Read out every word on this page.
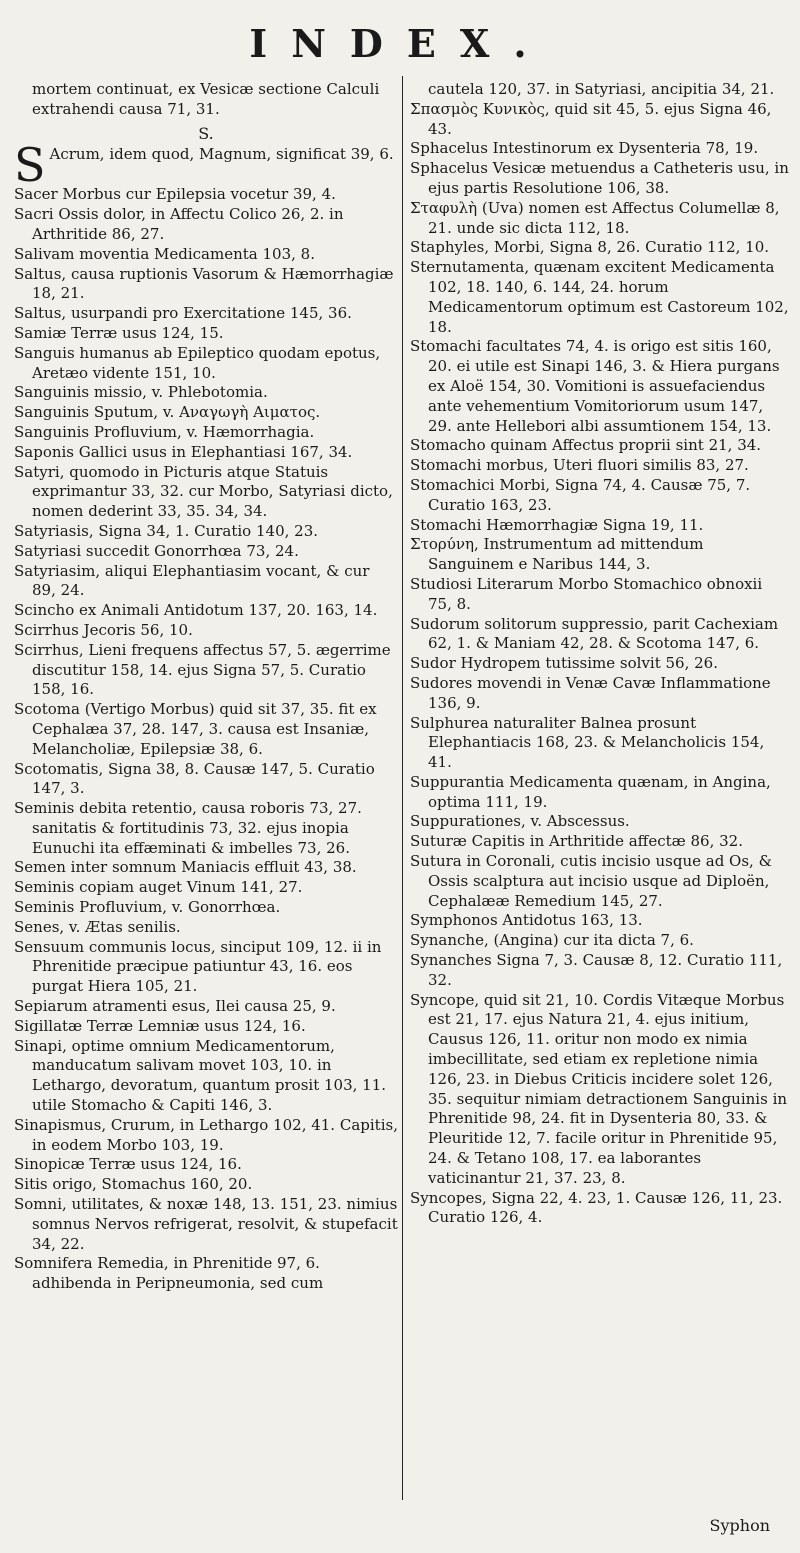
INDEX.

mortem continuat, ex Vesicæ sectione Calculi extrahendi causa 71, 31.

S.

S Acrum, idem quod, Magnum, significat 39, 6.

Sacer Morbus cur Epilepsia vocetur 39, 4.

Sacri Ossis dolor, in Affectu Colico 26, 2. in Arthritide 86, 27.

Salivam moventia Medicamenta 103, 8.

Saltus, causa ruptionis Vasorum & Hæmorrhagiæ 18, 21.

Saltus, usurpandi pro Exercitatione 145, 36.

Samiæ Terræ usus 124, 15.

Sanguis humanus ab Epileptico quodam epotus, Aretæo vidente 151, 10.

Sanguinis missio, v. Phlebotomia.

Sanguinis Sputum, v. Αναγωγὴ Αιματος.

Sanguinis Profluvium, v. Hæmorrhagia.

Saponis Gallici usus in Elephantiasi 167, 34.

Satyri, quomodo in Picturis atque Statuis exprimantur 33, 32. cur Morbo, Satyriasi dicto, nomen dederint 33, 35. 34, 34.

Satyriasis, Signa 34, 1. Curatio 140, 23.

Satyriasi succedit Gonorrhœa 73, 24.

Satyriasim, aliqui Elephantiasim vocant, & cur 89, 24.

Scincho ex Animali Antidotum 137, 20. 163, 14.

Scirrhus Jecoris 56, 10.

Scirrhus, Lieni frequens affectus 57, 5. ægerrime discutitur 158, 14. ejus Signa 57, 5. Curatio 158, 16.

Scotoma (Vertigo Morbus) quid sit 37, 35. fit ex Cephalæa 37, 28. 147, 3. causa est Insaniæ, Melancholiæ, Epilepsiæ 38, 6.

Scotomatis, Signa 38, 8. Causæ 147, 5. Curatio 147, 3.

Seminis debita retentio, causa roboris 73, 27. sanitatis & fortitudinis 73, 32. ejus inopia Eunuchi ita effæminati & imbelles 73, 26.

Semen inter somnum Maniacis effluit 43, 38.

Seminis copiam auget Vinum 141, 27.

Seminis Profluvium, v. Gonorrhœa.

Senes, v. Ætas senilis.

Sensuum communis locus, sinciput 109, 12. ii in Phrenitide præcipue patiuntur 43, 16. eos purgat Hiera 105, 21.

Sepiarum atramenti esus, Ilei causa 25, 9.

Sigillatæ Terræ Lemniæ usus 124, 16.

Sinapi, optime omnium Medicamentorum, manducatum salivam movet 103, 10. in Lethargo, devoratum, quantum prosit 103, 11. utile Stomacho & Capiti 146, 3.

Sinapismus, Crurum, in Lethargo 102, 41. Capitis, in eodem Morbo 103, 19.

Sinopicæ Terræ usus 124, 16.

Sitis origo, Stomachus 160, 20.

Somni, utilitates, & noxæ 148, 13. 151, 23. nimius somnus Nervos refrigerat, resolvit, & stupefacit 34, 22.

Somnifera Remedia, in Phrenitide 97, 6. adhibenda in Peripneumonia, sed cum

cautela 120, 37. in Satyriasi, ancipitia 34, 21.

Σπασμὸς Κυνικὸς, quid sit 45, 5. ejus Signa 46, 43.

Sphacelus Intestinorum ex Dysenteria 78, 19.

Sphacelus Vesicæ metuendus a Catheteris usu, in ejus partis Resolutione 106, 38.

Σταφυλὴ (Uva) nomen est Affectus Columellæ 8, 21. unde sic dicta 112, 18.

Staphyles, Morbi, Signa 8, 26. Curatio 112, 10.

Sternutamenta, quænam excitent Medicamenta 102, 18. 140, 6. 144, 24. horum Medicamentorum optimum est Castoreum 102, 18.

Stomachi facultates 74, 4. is origo est sitis 160, 20. ei utile est Sinapi 146, 3. & Hiera purgans ex Aloë 154, 30. Vomitioni is assuefaciendus ante vehementium Vomitoriorum usum 147, 29. ante Hellebori albi assumtionem 154, 13.

Stomacho quinam Affectus proprii sint 21, 34.

Stomachi morbus, Uteri fluori similis 83, 27.

Stomachici Morbi, Signa 74, 4. Causæ 75, 7. Curatio 163, 23.

Stomachi Hæmorrhagiæ Signa 19, 11.

Στορύνη, Instrumentum ad mittendum Sanguinem e Naribus 144, 3.

Studiosi Literarum Morbo Stomachico obnoxii 75, 8.

Sudorum solitorum suppressio, parit Cachexiam 62, 1. & Maniam 42, 28. & Scotoma 147, 6.

Sudor Hydropem tutissime solvit 56, 26.

Sudores movendi in Venæ Cavæ Inflammatione 136, 9.

Sulphurea naturaliter Balnea prosunt Elephantiacis 168, 23. & Melancholicis 154, 41.

Suppurantia Medicamenta quænam, in Angina, optima 111, 19.

Suppurationes, v. Abscessus.

Suturæ Capitis in Arthritide affectæ 86, 32.

Sutura in Coronali, cutis incisio usque ad Os, & Ossis scalptura aut incisio usque ad Diploën, Cephalææ Remedium 145, 27.

Symphonos Antidotus 163, 13.

Synanche, (Angina) cur ita dicta 7, 6.

Synanches Signa 7, 3. Causæ 8, 12. Curatio 111, 32.

Syncope, quid sit 21, 10. Cordis Vitæque Morbus est 21, 17. ejus Natura 21, 4. ejus initium, Causus 126, 11. oritur non modo ex nimia imbecillitate, sed etiam ex repletione nimia 126, 23. in Diebus Criticis incidere solet 126, 35. sequitur nimiam detractionem Sanguinis in Phrenitide 98, 24. fit in Dysenteria 80, 33. & Pleuritide 12, 7. facile oritur in Phrenitide 95, 24. & Tetano 108, 17. ea laborantes vaticinantur 21, 37. 23, 8.

Syncopes, Signa 22, 4. 23, 1. Causæ 126, 11, 23. Curatio 126, 4.

Syphon
